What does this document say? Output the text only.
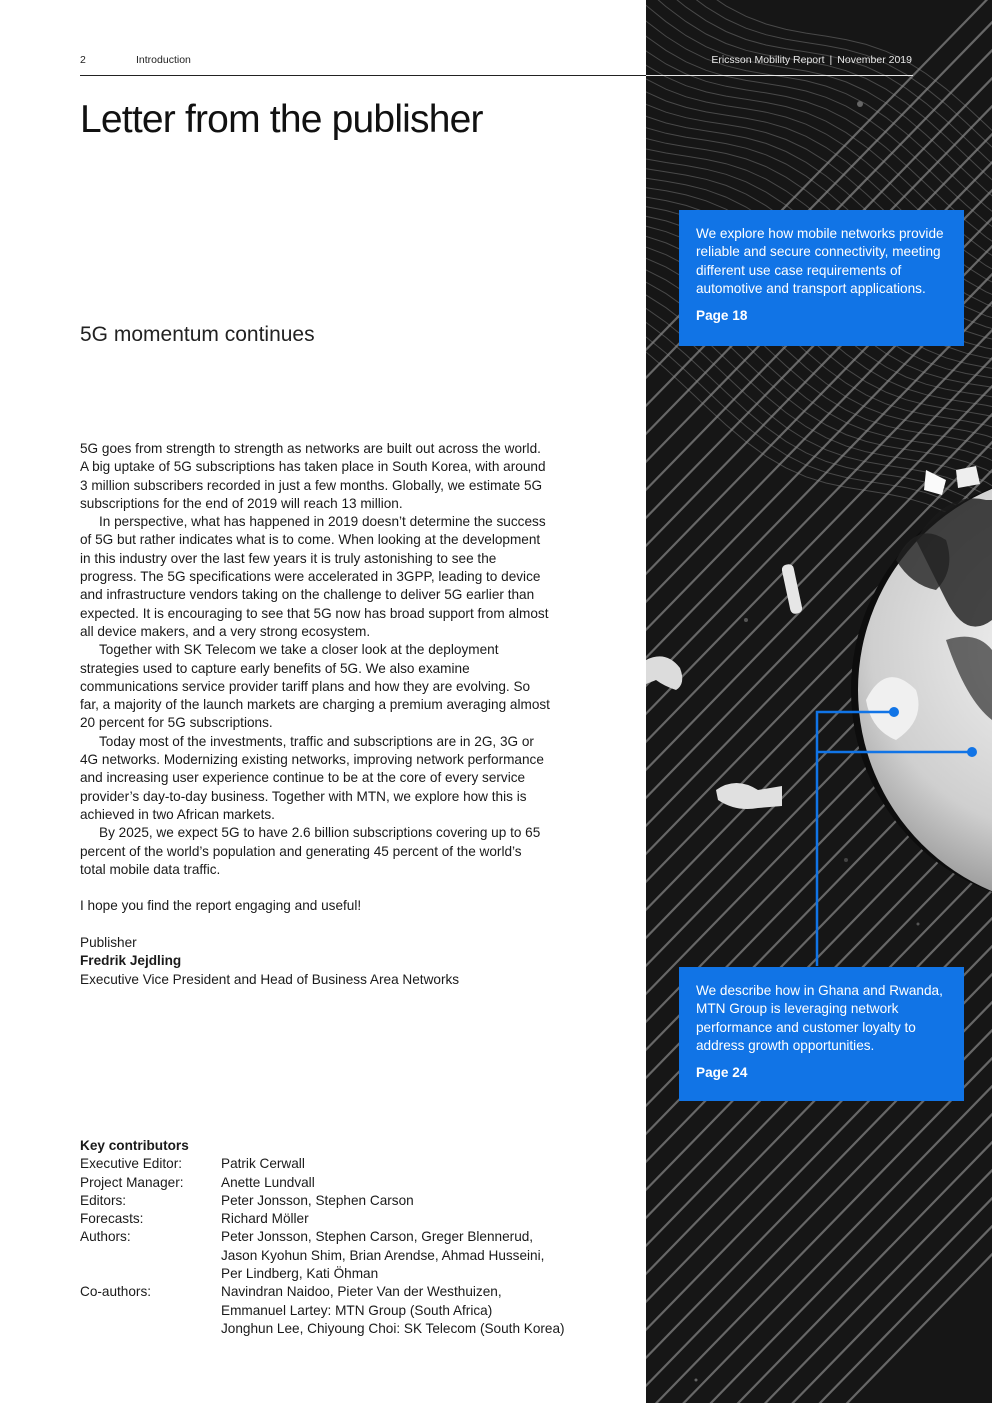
2	Introduction	Ericsson Mobility Report | November 2019
Letter from the publisher
5G momentum continues

5G goes from strength to strength as networks are built out across the world. A big uptake of 5G subscriptions has taken place in South Korea, with around 3 million subscribers recorded in just a few months. Globally, we estimate 5G subscriptions for the end of 2019 will reach 13 million.

In perspective, what has happened in 2019 doesn’t determine the success of 5G but rather indicates what is to come. When looking at the development in this industry over the last few years it is truly astonishing to see the progress. The 5G specifications were accelerated in 3GPP, leading to device and infrastructure vendors taking on the challenge to deliver 5G earlier than expected. It is encouraging to see that 5G now has broad support from almost all device makers, and a very strong ecosystem.

Together with SK Telecom we take a closer look at the deployment strategies used to capture early benefits of 5G. We also examine communications service provider tariff plans and how they are evolving. So far, a majority of the launch markets are charging a premium averaging almost 20 percent for 5G subscriptions.

Today most of the investments, traffic and subscriptions are in 2G, 3G or 4G networks. Modernizing existing networks, improving network performance and increasing user experience continue to be at the core of every service provider’s day-to-day business. Together with MTN, we explore how this is achieved in two African markets.

By 2025, we expect 5G to have 2.6 billion subscriptions covering up to 65 percent of the world’s population and generating 45 percent of the world’s total mobile data traffic.

I hope you find the report engaging and useful!

Publisher

Fredrik Jejdling

Executive Vice President and Head of Business Area Networks

Key contributors
Executive Editor:	Patrik Cerwall
Project Manager:	Anette Lundvall
Editors:	Peter Jonsson, Stephen Carson
Forecasts:	Richard Möller
Authors:	Peter Jonsson, Stephen Carson, Greger Blennerud,
Jason Kyohun Shim, Brian Arendse, Ahmad Husseini,
Per Lindberg, Kati Öhman
Co-authors:	Navindran Naidoo, Pieter Van der Westhuizen,
Emmanuel Lartey: MTN Group (South Africa)
Jonghun Lee, Chiyoung Choi: SK Telecom (South Korea)
We explore how mobile networks provide reliable and secure connectivity, meeting different use case requirements of automotive and transport applications.
Page 18
We describe how in Ghana and Rwanda, MTN Group is leveraging network performance and customer loyalty to address growth opportunities.
Page 24
